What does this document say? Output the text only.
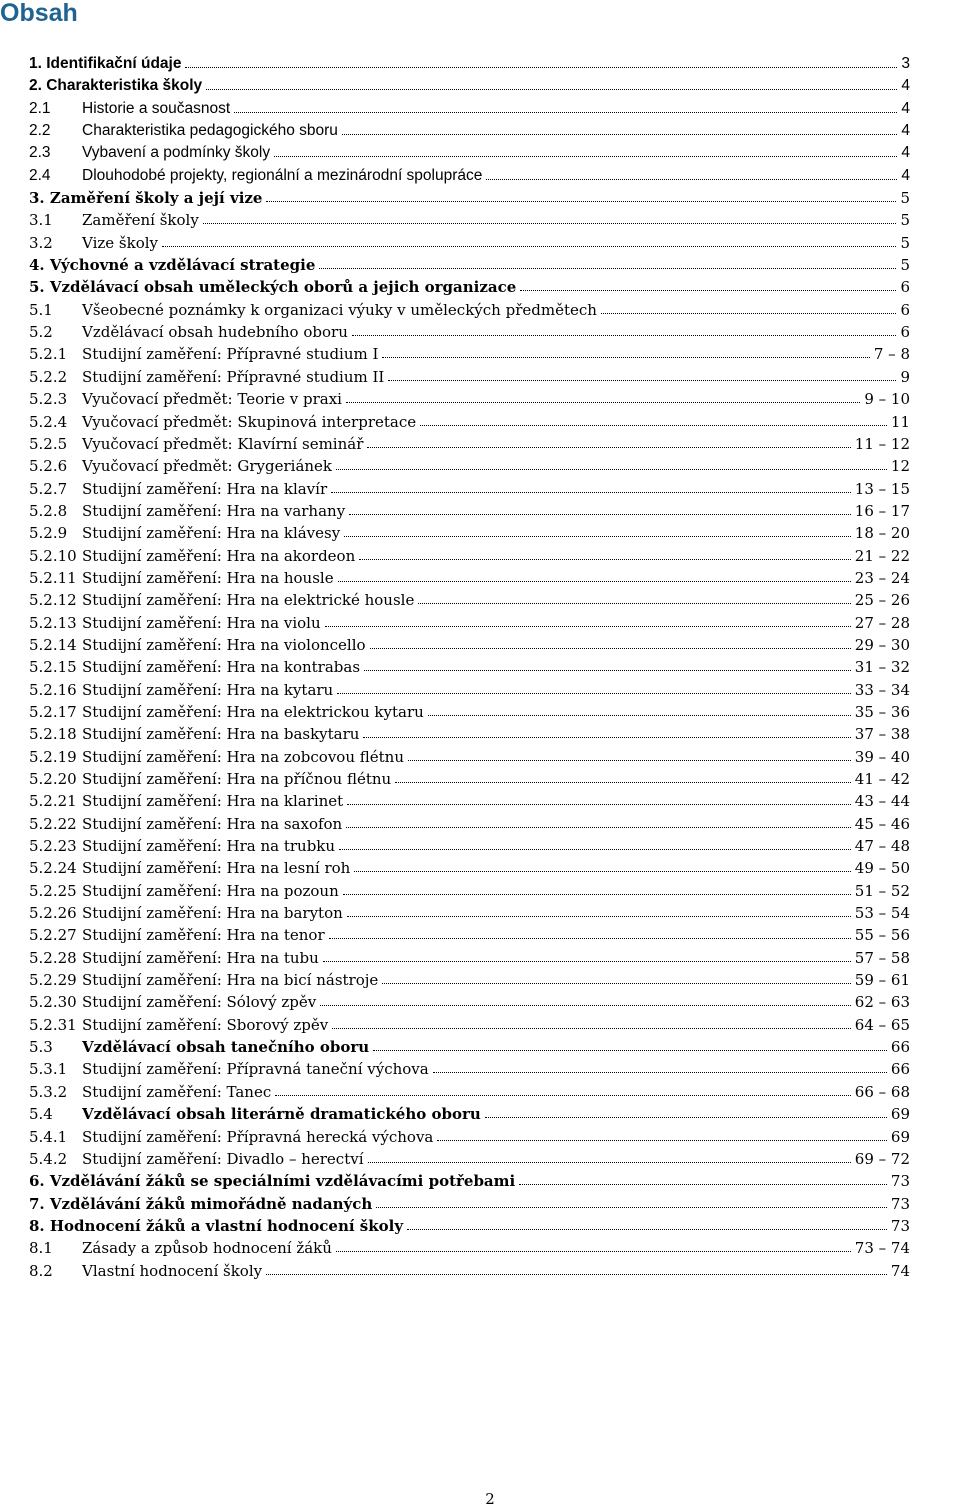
Obsah
1. Identifikační údaje	3
2. Charakteristika školy	4
2.1 Historie a současnost	4
2.2 Charakteristika pedagogického sboru	4
2.3 Vybavení a podmínky školy	4
2.4 Dlouhodobé projekty, regionální a mezinárodní spolupráce	4
3. Zaměření školy a její vize	5
3.1 Zaměření školy	5
3.2 Vize školy	5
4. Výchovné a vzdělávací strategie	5
5. Vzdělávací obsah uměleckých oborů a jejich organizace	6
5.1 Všeobecné poznámky k organizaci výuky v uměleckých předmětech	6
5.2 Vzdělávací obsah hudebního oboru	6
5.2.1 Studijní zaměření: Přípravné studium I	7 – 8
5.2.2 Studijní zaměření: Přípravné studium II	9
5.2.3 Vyučovací předmět: Teorie v praxi	9 – 10
5.2.4 Vyučovací předmět: Skupinová interpretace	11
5.2.5 Vyučovací předmět: Klavírní seminář	11 – 12
5.2.6 Vyučovací předmět: Grygeriánek	12
5.2.7 Studijní zaměření: Hra na klavír	13 – 15
5.2.8 Studijní zaměření: Hra na varhany	16 – 17
5.2.9 Studijní zaměření: Hra na klávesy	18 – 20
5.2.10 Studijní zaměření: Hra na akordeon	21 – 22
5.2.11 Studijní zaměření: Hra na housle	23 – 24
5.2.12 Studijní zaměření: Hra na elektrické housle	25 – 26
5.2.13 Studijní zaměření: Hra na violu	27 – 28
5.2.14 Studijní zaměření: Hra na violoncello	29 – 30
5.2.15 Studijní zaměření: Hra na kontrabas	31 – 32
5.2.16 Studijní zaměření: Hra na kytaru	33 – 34
5.2.17 Studijní zaměření: Hra na elektrickou kytaru	35 – 36
5.2.18 Studijní zaměření: Hra na baskytaru	37 – 38
5.2.19 Studijní zaměření: Hra na zobcovou flétnu	39 – 40
5.2.20 Studijní zaměření: Hra na příčnou flétnu	41 – 42
5.2.21 Studijní zaměření: Hra na klarinet	43 – 44
5.2.22 Studijní zaměření: Hra na saxofon	45 – 46
5.2.23 Studijní zaměření: Hra na trubku	47 – 48
5.2.24 Studijní zaměření: Hra na lesní roh	49 – 50
5.2.25 Studijní zaměření: Hra na pozoun	51 – 52
5.2.26 Studijní zaměření: Hra na baryton	53 – 54
5.2.27 Studijní zaměření: Hra na tenor	55 – 56
5.2.28 Studijní zaměření: Hra na tubu	57 – 58
5.2.29 Studijní zaměření: Hra na bicí nástroje	59 – 61
5.2.30 Studijní zaměření: Sólový zpěv	62 – 63
5.2.31 Studijní zaměření: Sborový zpěv	64 – 65
5.3 Vzdělávací obsah tanečního oboru	66
5.3.1 Studijní zaměření: Přípravná taneční výchova	66
5.3.2 Studijní zaměření: Tanec	66 – 68
5.4 Vzdělávací obsah literárně dramatického oboru	69
5.4.1 Studijní zaměření: Přípravná herecká výchova	69
5.4.2 Studijní zaměření: Divadlo – herectví	69 – 72
6. Vzdělávání žáků se speciálními vzdělávacími potřebami	73
7. Vzdělávání žáků mimořádně nadaných	73
8. Hodnocení žáků a vlastní hodnocení školy	73
8.1 Zásady a způsob hodnocení žáků	73 – 74
8.2 Vlastní hodnocení školy	74
2
